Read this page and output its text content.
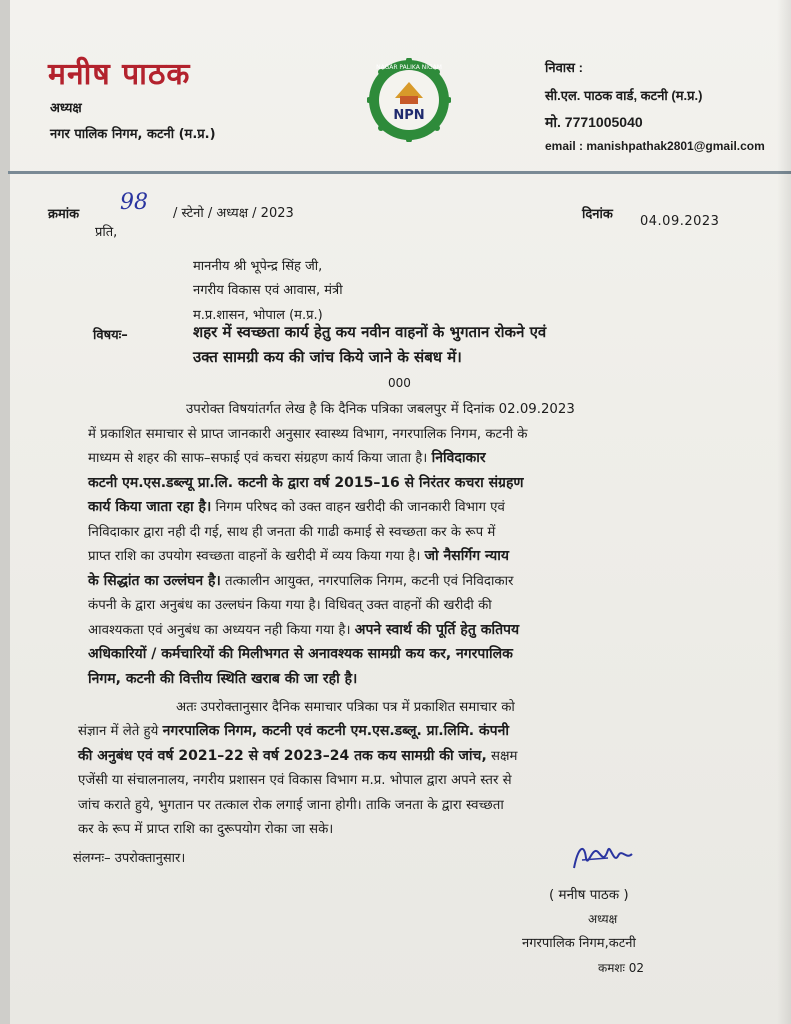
मनीष पाठक
अध्यक्ष
नगर पालिक निगम, कटनी (म.प्र.)
NAGAR PALIKA NIGAM
NPN
निवास :
सी.एल. पाठक वार्ड, कटनी (म.प्र.)
मो. 7771005040
email : manishpathak2801@gmail.com
क्रमांक 98 / स्टेनो / अध्यक्ष / 2023	दिनांक 04.09.2023
प्रति,
माननीय श्री भूपेन्द्र सिंह जी,
नगरीय विकास एवं आवास, मंत्री
म.प्र.शासन, भोपाल (म.प्र.)
विषयः–	शहर में स्वच्छता कार्य हेतु कय नवीन वाहनों के भुगतान रोकने एवं
उक्त सामग्री कय की जांच किये जाने के संबध में।
000
उपरोक्त विषयांतर्गत लेख है कि दैनिक पत्रिका जबलपुर में दिनांक 02.09.2023
में प्रकाशित समाचार से प्राप्त जानकारी अनुसार स्वास्थ्य विभाग, नगरपालिक निगम, कटनी के
माध्यम से शहर की साफ–सफाई एवं कचरा संग्रहण कार्य किया जाता है। निविदाकार
कटनी एम.एस.डब्ल्यू प्रा.लि. कटनी के द्वारा वर्ष 2015–16 से निरंतर कचरा संग्रहण
कार्य किया जाता रहा है। निगम परिषद को उक्त वाहन खरीदी की जानकारी विभाग एवं
निविदाकार द्वारा नही दी गई, साथ ही जनता की गाढी कमाई से स्वच्छता कर के रूप में
प्राप्त राशि का उपयोग स्वच्छता वाहनों के खरीदी में व्यय किया गया है। जो नैसर्गिग न्याय
के सिद्धांत का उल्लंघन है। तत्कालीन आयुक्त, नगरपालिक निगम, कटनी एवं निविदाकार
कंपनी के द्वारा अनुबंध का उल्लघंन किया गया है। विधिवत् उक्त वाहनों की खरीदी की
आवश्यकता एवं अनुबंध का अध्ययन नही किया गया है। अपने स्वार्थ की पूर्ति हेतु कतिपय
अधिकारियों / कर्मचारियों की मिलीभगत से अनावश्यक सामग्री कय कर, नगरपालिक
निगम, कटनी की वित्तीय स्थिति खराब की जा रही है।
अतः उपरोक्तानुसार दैनिक समाचार पत्रिका पत्र में प्रकाशित समाचार को
संज्ञान में लेते हुये नगरपालिक निगम, कटनी एवं कटनी एम.एस.डब्लू. प्रा.लिमि. कंपनी
की अनुबंध एवं वर्ष 2021–22 से वर्ष 2023–24 तक कय सामग्री की जांच, सक्षम
एजेंसी या संचालनालय, नगरीय प्रशासन एवं विकास विभाग म.प्र. भोपाल द्वारा अपने स्तर से
जांच कराते हुये, भुगतान पर तत्काल रोक लगाई जाना होगी। ताकि जनता के द्वारा स्वच्छता
कर के रूप में प्राप्त राशि का दुरूपयोग रोका जा सके।
संलग्नः– उपरोक्तानुसार।
( मनीष पाठक )
अध्यक्ष
नगरपालिक निगम,कटनी
कमशः 02
